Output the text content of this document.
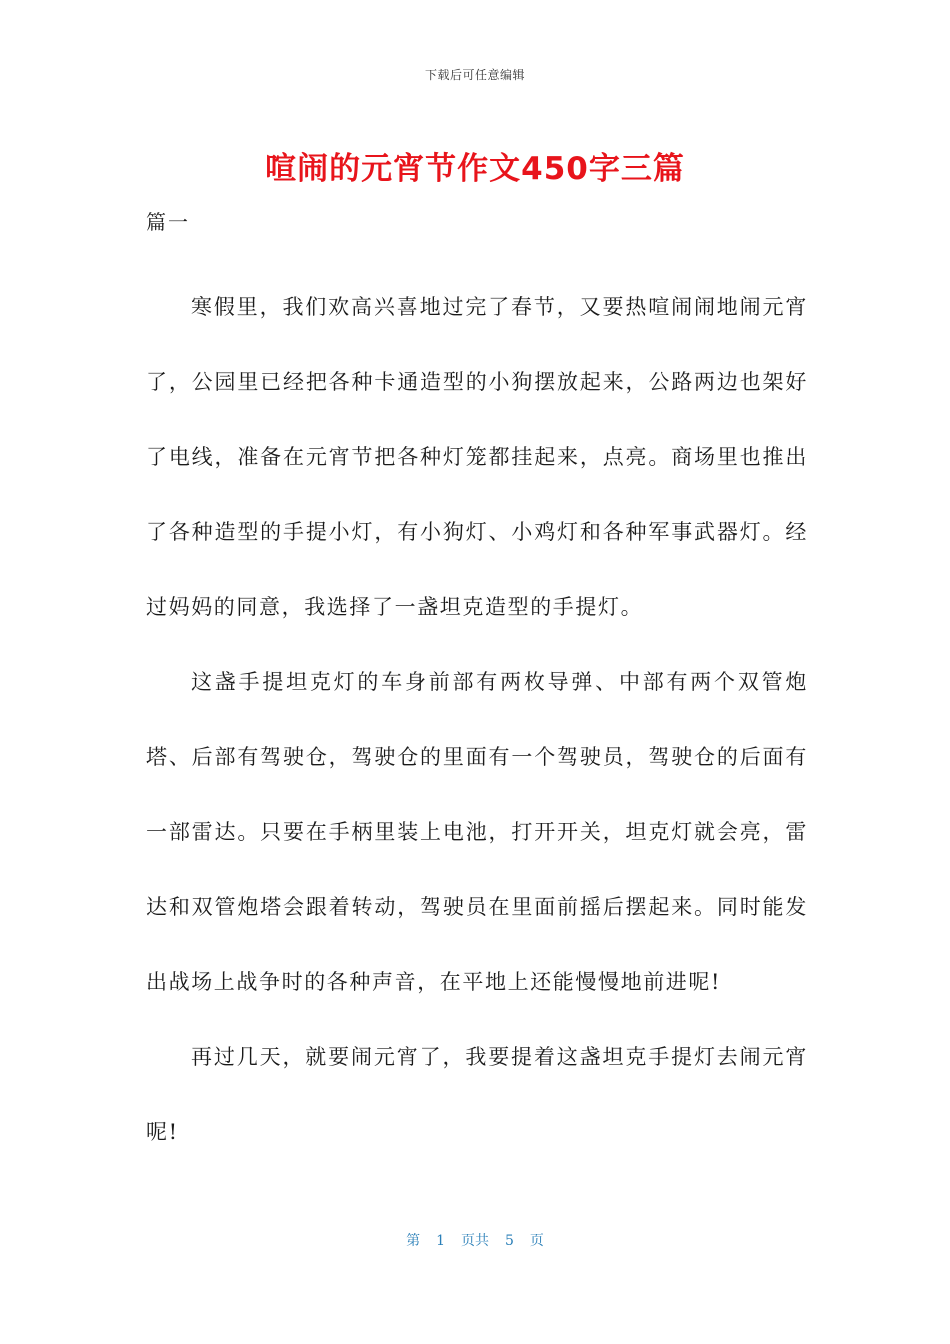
下载后可任意编辑
喧闹的元宵节作文450字三篇
篇一

寒假里，我们欢高兴喜地过完了春节，又要热喧闹闹地闹元宵了，公园里已经把各种卡通造型的小狗摆放起来，公路两边也架好了电线，准备在元宵节把各种灯笼都挂起来，点亮。商场里也推出了各种造型的手提小灯，有小狗灯、小鸡灯和各种军事武器灯。经过妈妈的同意，我选择了一盏坦克造型的手提灯。

这盏手提坦克灯的车身前部有两枚导弹、中部有两个双管炮塔、后部有驾驶仓，驾驶仓的里面有一个驾驶员，驾驶仓的后面有一部雷达。只要在手柄里装上电池，打开开关，坦克灯就会亮，雷达和双管炮塔会跟着转动，驾驶员在里面前摇后摆起来。同时能发出战场上战争时的各种声音，在平地上还能慢慢地前进呢!

再过几天，就要闹元宵了，我要提着这盏坦克手提灯去闹元宵呢!

第 1 页共 5 页
